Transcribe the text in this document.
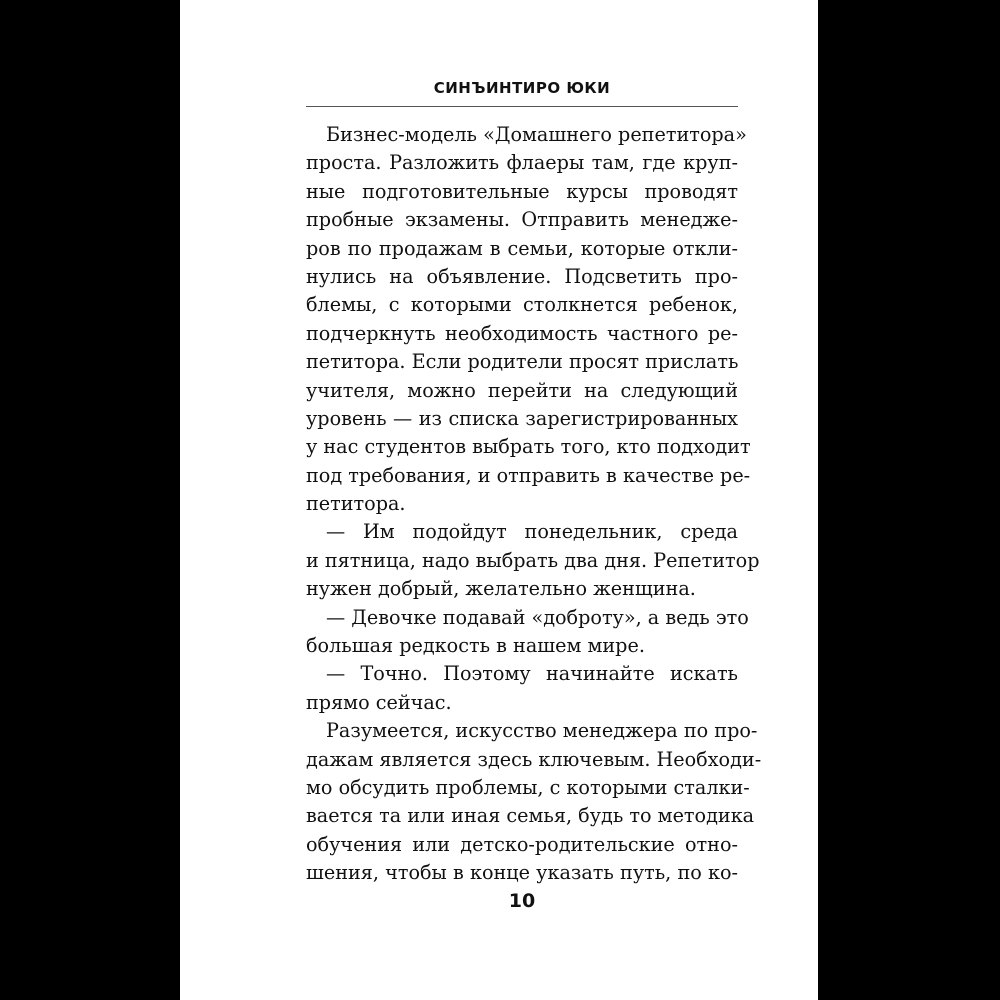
СИНЪИНТИРО ЮКИ
Бизнес-модель «Домашнего репетитора»
проста. Разложить флаеры там, где круп-
ные подготовительные курсы проводят
пробные экзамены. Отправить менедже-
ров по продажам в семьи, которые откли-
нулись на объявление. Подсветить про-
блемы, с которыми столкнется ребенок,
подчеркнуть необходимость частного ре-
петитора. Если родители просят прислать
учителя, можно перейти на следующий
уровень — из списка зарегистрированных
у нас студентов выбрать того, кто подходит
под требования, и отправить в качестве ре-
петитора.
— Им подойдут понедельник, среда
и пятница, надо выбрать два дня. Репетитор
нужен добрый, желательно женщина.
— Девочке подавай «доброту», а ведь это
большая редкость в нашем мире.
— Точно. Поэтому начинайте искать
прямо сейчас.
Разумеется, искусство менеджера по про-
дажам является здесь ключевым. Необходи-
мо обсудить проблемы, с которыми сталки-
вается та или иная семья, будь то методика
обучения или детско-родительские отно-
шения, чтобы в конце указать путь, по ко-
10
